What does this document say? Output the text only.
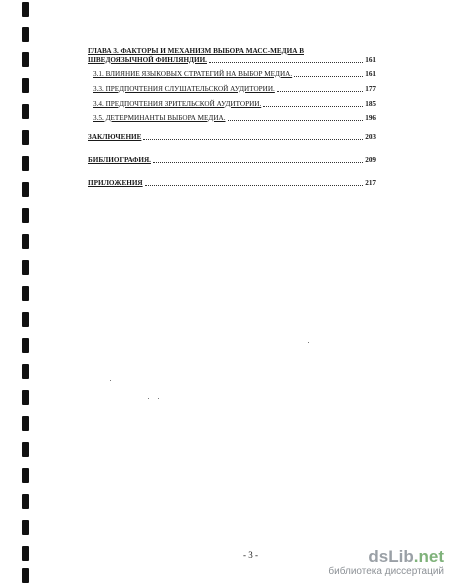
ГЛАВА 3. ФАКТОРЫ И МЕХАНИЗМ ВЫБОРА МАСС-МЕДИА В
ШВЕДОЯЗЫЧНОЙ ФИНЛЯНДИИ.	161
3.1. ВЛИЯНИЕ ЯЗЫКОВЫХ СТРАТЕГИЙ НА ВЫБОР МЕДИА.	161
3.3. ПРЕДПОЧТЕНИЯ СЛУШАТЕЛЬСКОЙ АУДИТОРИИ.	177
3.4. ПРЕДПОЧТЕНИЯ ЗРИТЕЛЬСКОЙ АУДИТОРИИ.	185
3.5. ДЕТЕРМИНАНТЫ ВЫБОРА МЕДИА.	196
ЗАКЛЮЧЕНИЕ	203
БИБЛИОГРАФИЯ.	209
ПРИЛОЖЕНИЯ	217
- 3 -	dsLib.net
библиотека диссертаций
